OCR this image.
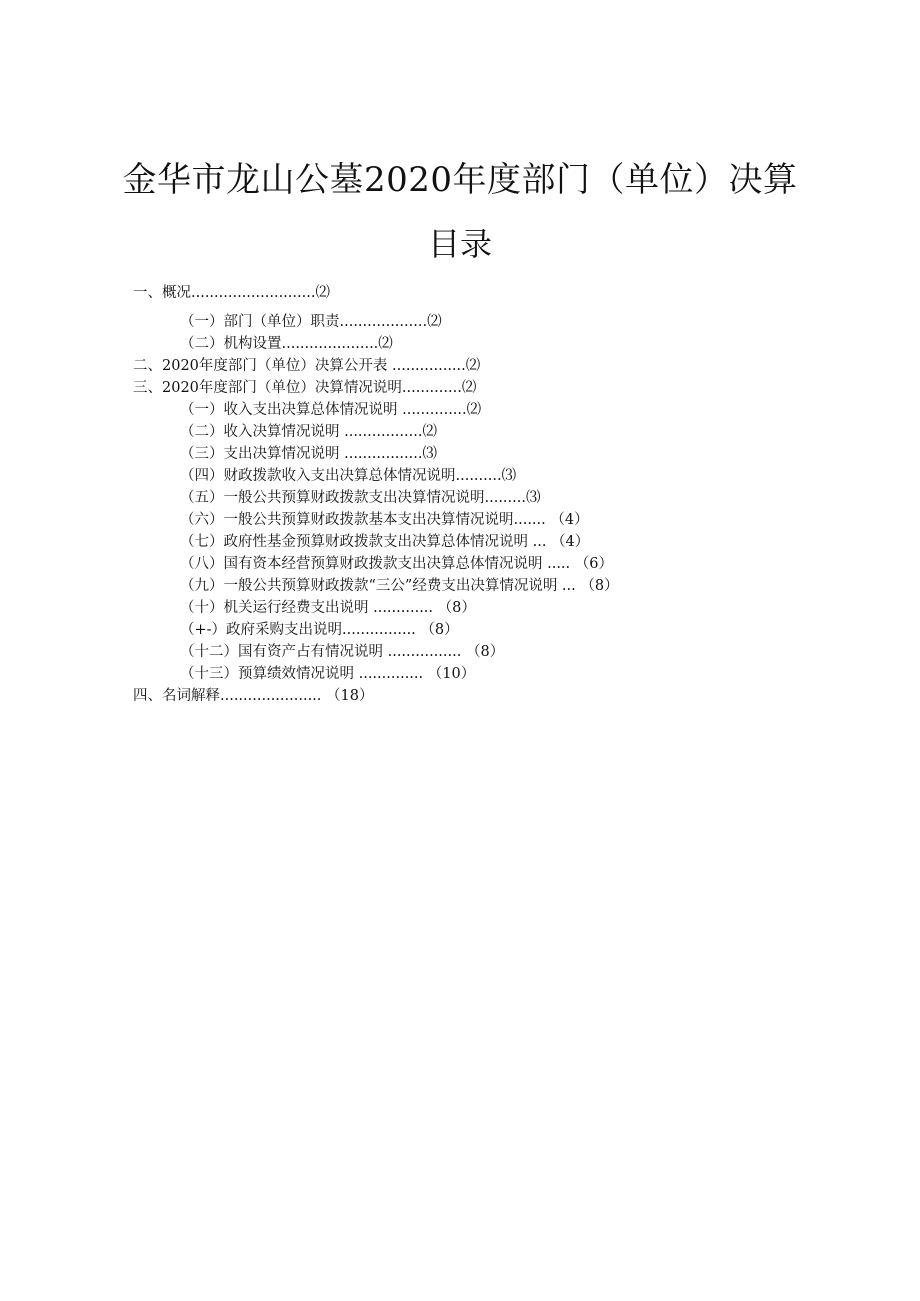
金华市龙山公墓2020年度部门（单位）决算
目录
一、概况...........................⑵
（一）部门（单位）职责...................⑵
（二）机构设置.....................⑵
二、2020年度部门（单位）决算公开表 ................⑵
三、2020年度部门（单位）决算情况说明.............⑵
（一）收入支出决算总体情况说明 ..............⑵
（二）收入决算情况说明 .................⑵
（三）支出决算情况说明 .................⑶
（四）财政拨款收入支出决算总体情况说明..........⑶
（五）一般公共预算财政拨款支出决算情况说明.........⑶
（六）一般公共预算财政拨款基本支出决算情况说明....... （4）
（七）政府性基金预算财政拨款支出决算总体情况说明 ... （4）
（八）国有资本经营预算财政拨款支出决算总体情况说明 ..... （6）
（九）一般公共预算财政拨款“三公”经费支出决算情况说明 ... （8）
（十）机关运行经费支出说明 ............. （8）
（+-）政府采购支出说明................ （8）
（十二）国有资产占有情况说明 ................ （8）
（十三）预算绩效情况说明 .............. （10）
四、名词解释...................... （18）
